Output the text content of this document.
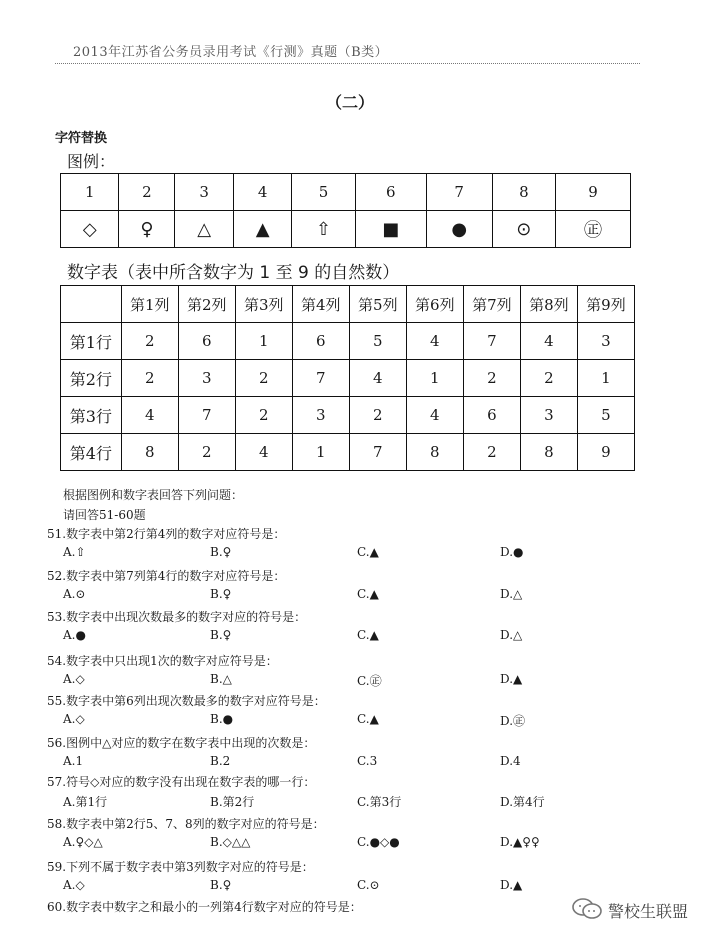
2013年江苏省公务员录用考试《行测》真题（B类）
（二）
字符替换
图例：
1	2	3	4	5	6	7	8	9
◇	♀	△	▲	⇧	■	●	⊙	㊣
数字表（表中所含数字为 1 至 9 的自然数）
	第1列	第2列	第3列	第4列	第5列	第6列	第7列	第8列	第9列
第1行	2	6	1	6	5	4	7	4	3
第2行	2	3	2	7	4	1	2	2	1
第3行	4	7	2	3	2	4	6	3	5
第4行	8	2	4	1	7	8	2	8	9
根据图例和数字表回答下列问题：
请回答51-60题
51.数字表中第2行第4列的数字对应符号是：
A.⇧	B.♀	C.▲	D.●
52.数字表中第7列第4行的数字对应符号是：
A.⊙	B.♀	C.▲	D.△
53.数字表中出现次数最多的数字对应的符号是：
A.●	B.♀	C.▲	D.△
54.数字表中只出现1次的数字对应符号是：
A.◇	B.△	C.㊣	D.▲
55.数字表中第6列出现次数最多的数字对应符号是：
A.◇	B.●	C.▲	D.㊣
56.图例中△对应的数字在数字表中出现的次数是：
A.1	B.2	C.3	D.4
57.符号◇对应的数字没有出现在数字表的哪一行：
A.第1行	B.第2行	C.第3行	D.第4行
58.数字表中第2行5、7、8列的数字对应的符号是：
A.♀◇△	B.◇△△	C.●◇●	D.▲♀♀
59.下列不属于数字表中第3列数字对应的符号是：
A.◇	B.♀	C.⊙	D.▲
60.数字表中数字之和最小的一列第4行数字对应的符号是：	警校生联盟
